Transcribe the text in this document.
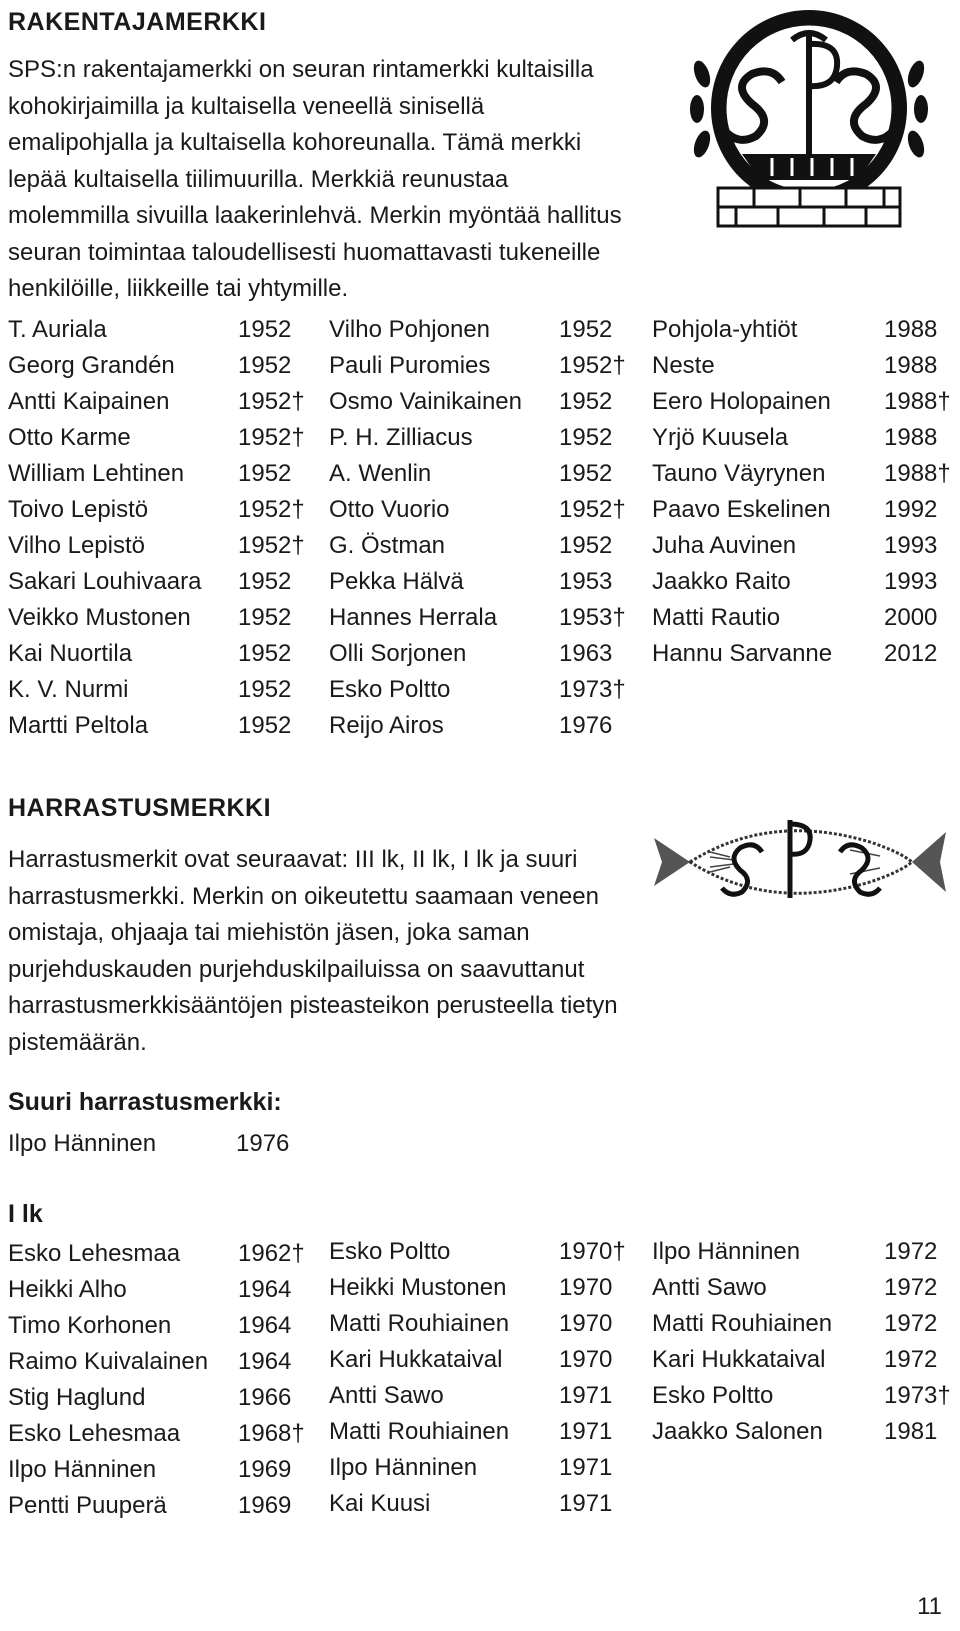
RAKENTAJAMERKKI

SPS:n rakentajamerkki on seuran rintamerkki kultaisilla kohokirjaimilla ja kultaisella veneellä sinisellä emalipohjalla ja kultaisella kohoreunalla. Tämä merkki lepää kultaisella tiilimuurilla. Merkkiä reunustaa molemmilla sivuilla laakerinlehvä. Merkin myöntää hallitus seuran toimintaa taloudellisesti huomattavasti tukeneille henkilöille, liikkeille tai yhtymille.

T. Auriala	1952
Georg Grandén	1952
Antti Kaipainen	1952†
Otto Karme	1952†
William Lehtinen 1952
Toivo Lepistö	1952†
Vilho Lepistö	1952†
Sakari Louhivaara 1952
Veikko Mustonen 1952
Kai Nuortila	1952
K. V. Nurmi	1952
Martti Peltola	1952
Vilho Pohjonen	1952
Pauli Puromies	1952†
Osmo Vainikainen 1952
P. H. Zilliacus	1952
A. Wenlin	1952
Otto Vuorio	1952†
G. Östman	1952
Pekka Hälvä	1953
Hannes Herrala	1953†
Olli Sorjonen	1963
Esko Poltto	1973†
Reijo Airos	1976
Pohjola-yhtiöt	1988
Neste	1988
Eero Holopainen 1988†
Yrjö Kuusela	1988
Tauno Väyrynen 1988†
Paavo Eskelinen 1992
Juha Auvinen	1993
Jaakko Raito	1993
Matti Rautio	2000
Hannu Sarvanne 2012
HARRASTUSMERKKI

Harrastusmerkit ovat seuraavat: III lk, II lk, I lk ja suuri harrastusmerkki. Merkin on oikeutettu saamaan veneen omistaja, ohjaaja tai miehistön jäsen, joka saman purjehduskauden purjehduskilpailuissa on saavuttanut harrastusmerkkisääntöjen pisteasteikon perusteella tietyn pistemäärän.

Suuri harrastusmerkki:
Ilpo Hänninen	1976
I lk
Esko Lehesmaa 1962†
Heikki Alho	1964
Timo Korhonen	1964
Raimo Kuivalainen 1964
Stig Haglund	1966
Esko Lehesmaa 1968†
Ilpo Hänninen	1969
Pentti Puuperä	1969
Esko Poltto	1970†
Heikki Mustonen 1970
Matti Rouhiainen 1970
Kari Hukkataival 1970
Antti Sawo	1971
Matti Rouhiainen 1971
Ilpo Hänninen	1971
Kai Kuusi	1971
Ilpo Hänninen	1972
Antti Sawo	1972
Matti Rouhiainen 1972
Kari Hukkataival 1972
Esko Poltto	1973†
Jaakko Salonen	1981
11
